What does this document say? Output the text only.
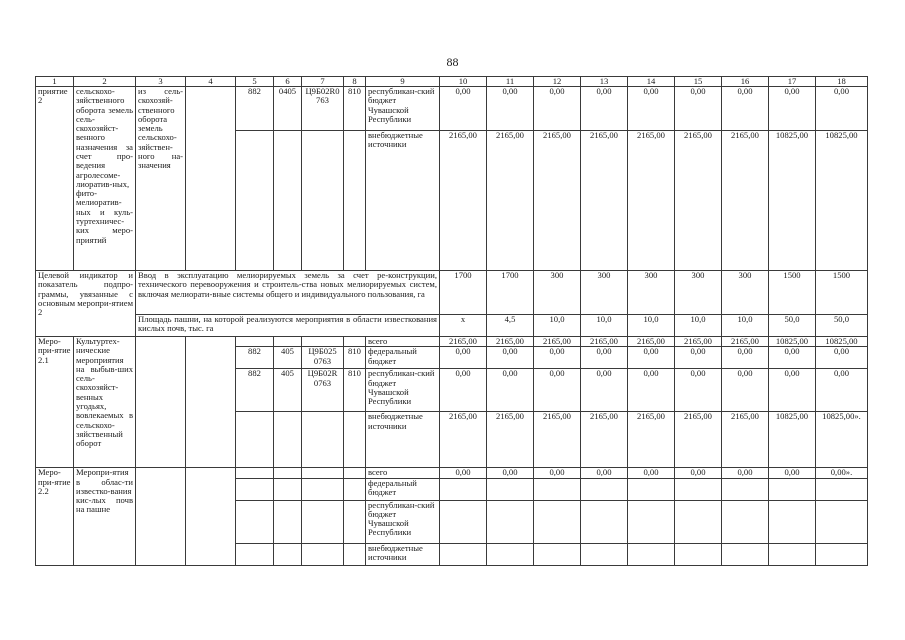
88
1	2	3	4	5	6	7	8	9	10	11	12	13	14	15	16	17	18
приятие 2	сельскохо-зяйственного оборота земель сель-скохозяйст-венного назначения за счет про-ведения агролесоме-лиоратив-ных, фито-мелиоратив-ных и куль-туртехничес-ких меро-приятий	из сель-скохозяй-ственного оборота земель сельскохо-зяйствен-ного на-значения		882	0405	Ц9Б02R0763	810	республикан-ский бюджет Чувашской Республики	0,00	0,00	0,00	0,00	0,00	0,00	0,00	0,00	0,00
								внебюджетные источники	2165,00	2165,00	2165,00	2165,00	2165,00	2165,00	2165,00	10825,00	10825,00
Целевой индикатор и показатель подпро-граммы, увязанные с основным меропри-ятием 2		Ввод в эксплуатацию мелиорируемых земель за счет ре-конструкции, технического перевооружения и строитель-ства новых мелиорируемых систем, включая мелиорати-вные системы общего и индивидуального пользования, га							1700	1700	300	300	300	300	300	1500	1500
		Площадь пашни, на которой реализуются мероприятия в области известкования кислых почв, тыс. га							х	4,5	10,0	10,0	10,0	10,0	10,0	50,0	50,0
Меро-при-ятие 2.1	Культуртех-нические мероприятия на выбыв-ших сель-скохозяйст-венных угодьях, вовлекаемых в сельскохо-зяйственный оборот							всего	2165,00	2165,00	2165,00	2165,00	2165,00	2165,00	2165,00	10825,00	10825,00
				882	405	Ц9Б025 0763	810	федеральный бюджет	0,00	0,00	0,00	0,00	0,00	0,00	0,00	0,00	0,00
				882	405	Ц9Б02R 0763	810	республикан-ский бюджет Чувашской Республики	0,00	0,00	0,00	0,00	0,00	0,00	0,00	0,00	0,00
								внебюджетные источники	2165,00	2165,00	2165,00	2165,00	2165,00	2165,00	2165,00	10825,00	10825,00».
Меро-при-ятие 2.2	Меропри-ятия в облас-ти известко-вания кис-лых почв на пашне							всего	0,00	0,00	0,00	0,00	0,00	0,00	0,00	0,00	0,00».
								федеральный бюджет									
								республикан-ский бюджет Чувашской Республики									
								внебюджетные источники									
